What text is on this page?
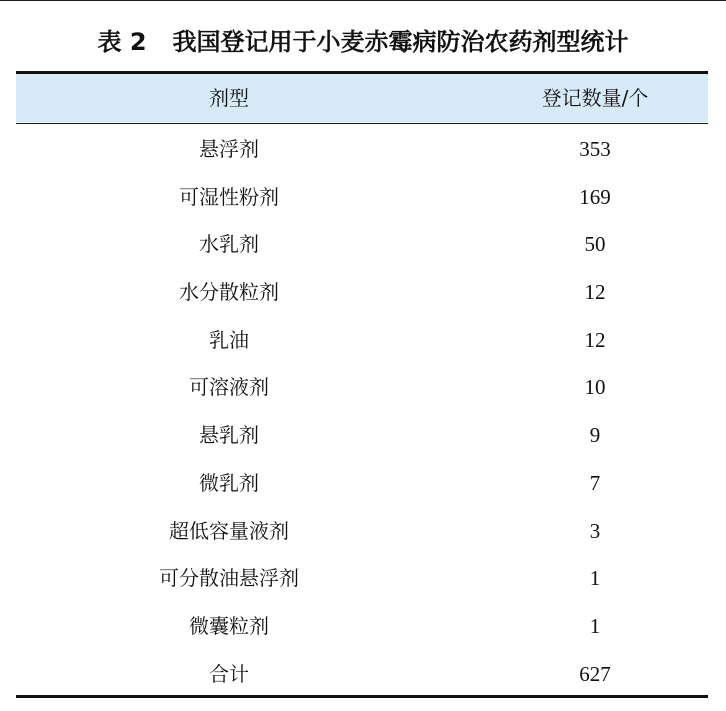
表 2 我国登记用于小麦赤霉病防治农药剂型统计
剂型	登记数量/个
悬浮剂	353
可湿性粉剂	169
水乳剂	50
水分散粒剂	12
乳油	12
可溶液剂	10
悬乳剂	9
微乳剂	7
超低容量液剂	3
可分散油悬浮剂	1
微囊粒剂	1
合计	627
